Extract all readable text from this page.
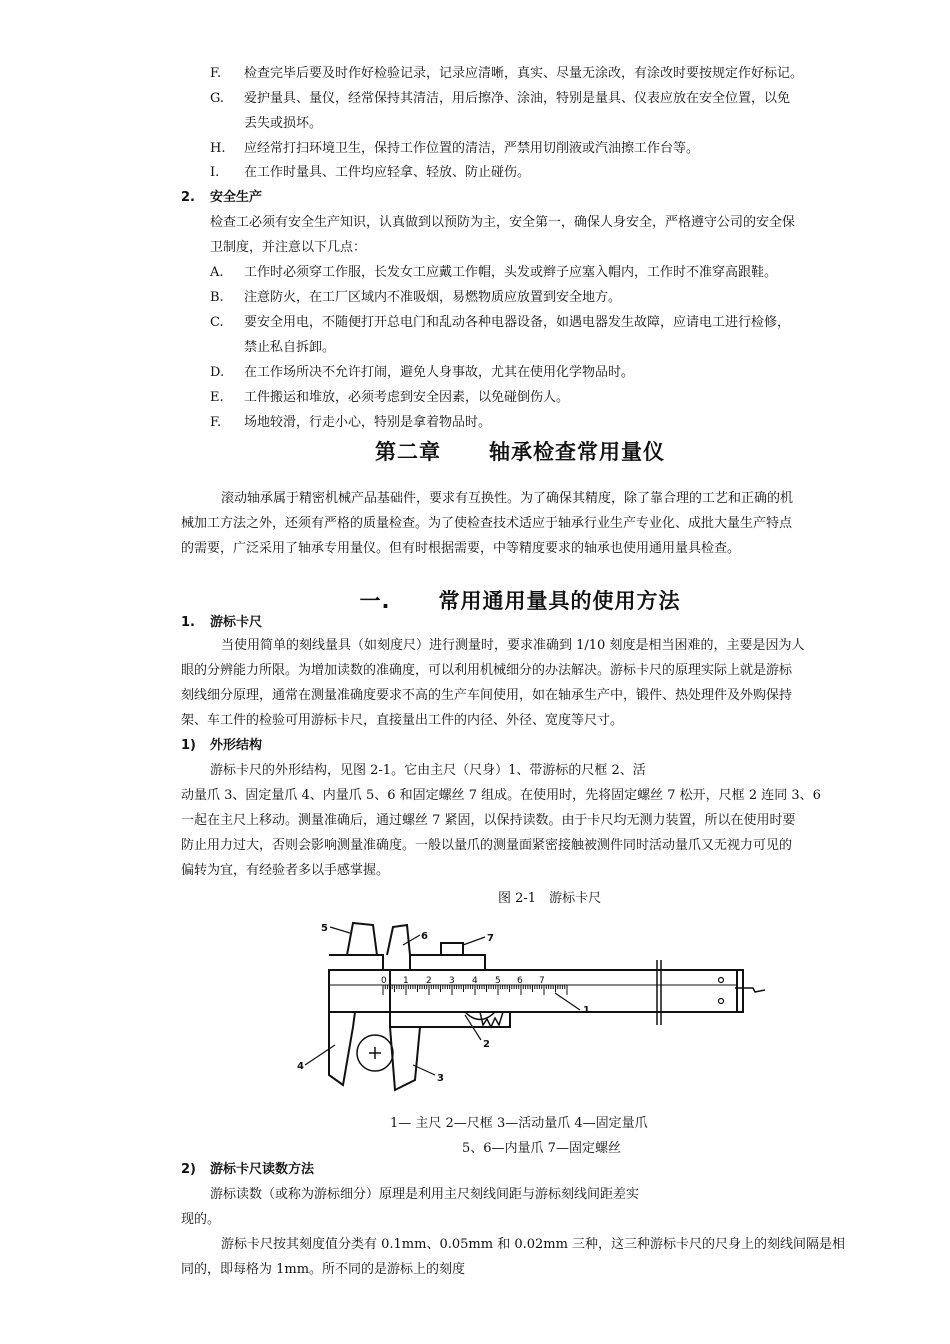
F. 检查完毕后要及时作好检验记录，记录应清晰，真实、尽量无涂改，有涂改时要按规定作好标记。
G. 爱护量具、量仪，经常保持其清洁，用后擦净、涂油，特别是量具、仪表应放在安全位置，以免
丢失或损坏。
H. 应经常打扫环境卫生，保持工作位置的清洁，严禁用切削液或汽油擦工作台等。
I. 在工作时量具、工件均应轻拿、轻放、防止碰伤。
2. 安全生产
检查工必须有安全生产知识，认真做到以预防为主，安全第一，确保人身安全，严格遵守公司的安全保
卫制度，并注意以下几点：
A. 工作时必须穿工作服，长发女工应戴工作帽，头发或辫子应塞入帽内，工作时不准穿高跟鞋。
B. 注意防火，在工厂区域内不准吸烟，易燃物质应放置到安全地方。
C. 要安全用电，不随便打开总电门和乱动各种电器设备，如遇电器发生故障，应请电工进行检修，
禁止私自拆卸。
D. 在工作场所决不允许打闹，避免人身事故，尤其在使用化学物品时。
E. 工件搬运和堆放，必须考虑到安全因素，以免碰倒伤人。
F. 场地较滑，行走小心，特别是拿着物品时。
第二章 轴承检查常用量仪
滚动轴承属于精密机械产品基础件，要求有互换性。为了确保其精度，除了靠合理的工艺和正确的机
械加工方法之外，还须有严格的质量检查。为了使检查技术适应于轴承行业生产专业化、成批大量生产特点
的需要，广泛采用了轴承专用量仪。但有时根据需要，中等精度要求的轴承也使用通用量具检查。
一. 常用通用量具的使用方法
1. 游标卡尺
当使用简单的刻线量具（如刻度尺）进行测量时，要求准确到 1/10 刻度是相当困难的，主要是因为人
眼的分辨能力所限。为增加读数的准确度，可以利用机械细分的办法解决。游标卡尺的原理实际上就是游标
刻线细分原理，通常在测量准确度要求不高的生产车间使用，如在轴承生产中，锻件、热处理件及外购保持
架、车工件的检验可用游标卡尺，直接量出工件的内径、外径、宽度等尺寸。
1) 外形结构
游标卡尺的外形结构，见图 2-1。它由主尺（尺身）1、带游标的尺框 2、活
动量爪 3、固定量爪 4、内量爪 5、6 和固定螺丝 7 组成。在使用时，先将固定螺丝 7 松开，尺框 2 连同 3、6
一起在主尺上移动。测量准确后，通过螺丝 7 紧固，以保持读数。由于卡尺均无测力装置，所以在使用时要
防止用力过大，否则会影响测量准确度。一般以量爪的测量面紧密接触被测件同时活动量爪又无视力可见的
偏转为宜，有经验者多以手感掌握。
图 2-1　游标卡尺
0 1 2 3 4 5 6 7
1
2
3
4
5
6	7
1— 主尺 2—尺框 3—活动量爪 4—固定量爪
5、6—内量爪 7—固定螺丝
2) 游标卡尺读数方法
游标读数（或称为游标细分）原理是利用主尺刻线间距与游标刻线间距差实
现的。
游标卡尺按其刻度值分类有 0.1mm、0.05mm 和 0.02mm 三种，这三种游标卡尺的尺身上的刻线间隔是相
同的，即每格为 1mm。所不同的是游标上的刻度
